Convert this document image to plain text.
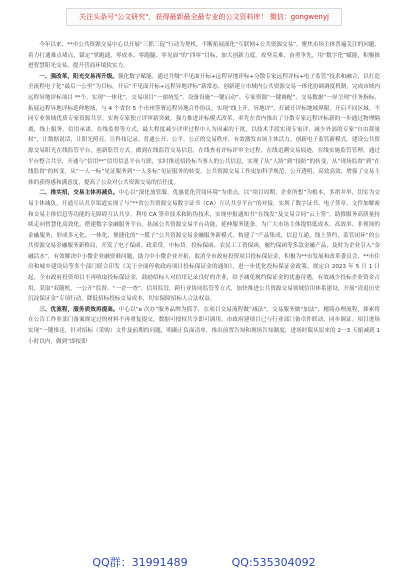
关注头条号"公文研究"，获得最新最全最专业的公文资料库！ 微信：gongwenyj

今年以来，**市公共资源交易中心以开展“三抓三促”行动为契机，不断拓展深化“互联网+公共资源交易”，聚焦市场主体普遍关注的问题，着力打通难点堵点，锚定“掌跑通、零成本、零跑腿、零见面”的“四零”目标，加大创新力度，攻坚克难，奋勇争先，用“数字化”赋能，积极推进智慧阳光交易，提升营商环境软实力。

一、强改革，阳光交易再升级。强化数字赋能。通过升级“不见面开标+远程异地评标+分散专家远程评标+电子监管”技术和融合，以打造全流程电子化“最后一公里”为目标，开启“不见面开标+远程异地评标”新常态。创新建立市域内公共资源交易一体化协调调度机制，完成市域内远程异地评标项目 **个，实现“一体化”，交易项目“一窗统览”、设备设施“一键启动”、专家资源“一键调配”、交易数据“一屏呈现”任务指标，拓展远程异地评标延伸地域，与 4 个省份 5 个市州签署远程异地合作协议。实现“线上开、异地评”，打破开评标地域界限，开启不同区域、不同专业领域优质专家资源共享。实现专家独立评审新突破。强力推进评标模式改革，率先在省内推出了分散专家远程评标新的一步通过物理隔离，线上服务、信用承诺，在线监督等方式，最大程度减少评审过程中人为因素的干扰，以技术手段实现专家评，减少外部的专家“自由裁量权”，让数据说话，让阳光照亮，让科技记录、普通公开、公平、公正的交易秩序，有效激发市场主体活力，创新电子监管新模式。建设公共资源交易阳光在线监管平台，创新监管方式，做到在线监管交易信息，在线查看评标评审全过程，在线追溯交易痕迹，在线实施监管管理，通过平台整合共享，开通与“信用**”信用信息平台互联，实时推送招投标当事人的公共信息，实现了从“人防”到“技防”的转变，从“现场监督”到“在线监督”的转变，从“一人一标”见证服务到“一人多标”见证服务的转变，公共资源交易工作更加科学规范、公开透明、高效高效，增强了交易主体的获得感和满意度，提高了公众对公共资源交易的信任度。

二、推实招，交易主体再减负。中心以“深化放管服、优惠优化营商环境”为重点，以“项目周期、企业所想”为根本，多措并举，切实为交易主体减负，开通互认共享渠道实现了与“**省公共资源交易数字证书（CA）互认共享平台”的对接，实现了数字证书、电子签章、文件加解密和交易主体信息等功能的无障碍互认共享。利用 CA 签章技术和防伪技术，实现申报通知书“在线发”及交易合同“云上签”，助推服务高质量持续走向智慧化高效化。搭建数字金融服务平台，拓展公共资源交易平台功能，延伸服务链条，为广大市场主体提供低成本、高效率、非现场的金融服务，形成多元化、一体化、便捷化的“一揽子”公共资源交易金融服务新模式，构建了“产品集成，信息互通，线上签约，监管闭环”的公共资源交易金融服务新格局，开发了电子保函、政采贷、中标贷、投标保函、农民工工资保函，履约保函等多款金融产品，及时为企业引入“金融活水”，有效解决中小微企业融资难问题，助力中小微企业开拓，取消全市政府投资项目投标保证金，积极为**市发展和改革委员会、**市住房和城乡建设局等多个部门联合印发《关于全面停收政府项目投标保证金的通知》，进一步优化投标保证金政策，规定自 2023 年 5 月 1 日起，全市政府投资项目不再收取投标保证金，鼓励招标人对信用记录良好的企业，给予减免履约保证金的优惠待遇，有效减少投标企业资金占用，采取“双随机，一公开”监督、“一企一查”，信用监管，跨行业协同监管等方式，加快推进公共资源交易领域信用体系建设，开展“清退历史沉淀保证金”专项行动，降低招标投标交易成本，切实保障招标人合法权益。

三、优流程，服务质效再提高。中心以“e 次办”服务品牌为抓手，在项目交易流程做“减法”，交易服务做“加法”，精简办理流程，探索将在公告工作业部门备案规定过的材料不再重复提交，数据可授权共享即可调用，市政府建项目已与行业部门备卓件联动，同步调证。项目进场实现“一键推送，针对招标（采购）文件及前期的问题，明确正负面清单，推出前置告知和现场告知制度，进场时限从原来的 2－3 天缩减到 1 小时以内，做到“即报即

QQ群：31991489	QQ:535304092
